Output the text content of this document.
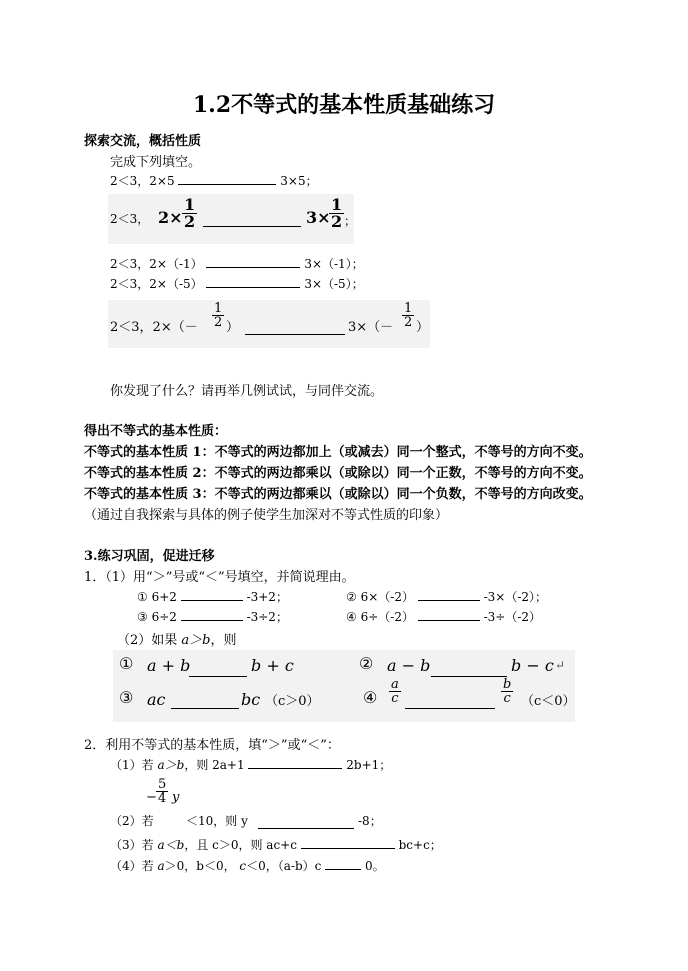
1.2不等式的基本性质基础练习
探索交流，概括性质
完成下列填空。
2＜3，2×5	3×5；
2＜3， $2\times \frac{1}{2}$	3×
$\frac{1}{2}$ ；
2＜3，2×（-1）	3×（-1）；
2＜3，2×（-5）	3×（-5）；
2＜3，$2\times(- \frac{1}{2}$ ）	$3\times(- \frac{1}{2}$ ）
你发现了什么？请再举几例试试，与同伴交流。
得出不等式的基本性质：
不等式的基本性质 1：不等式的两边都加上（或减去）同一个整式，不等号的方向不变。
不等式的基本性质 2：不等式的两边都乘以（或除以）同一个正数，不等号的方向不变。
不等式的基本性质 3：不等式的两边都乘以（或除以）同一个负数，不等号的方向改变。
（通过自我探索与具体的例子使学生加深对不等式性质的印象）
3.练习巩固，促进迁移
1．（1）用“＞”号或“＜”号填空，并简说理由。
① 6+2	-3+2；	② 6×（-2）	-3×（-2）；
③ 6÷2	-3÷2；	④ 6÷（-2）	-3÷（-2）
（2）如果 a＞b，则
① a + b	b + c	② a − b	b − c ↵
③ ac	bc （c＞0）	④ $\frac{a}{c}$	$\frac{b}{c} (c<0)$
2．利用不等式的基本性质，填“＞”或“＜”：
（1）若 a＞b，则 2a+1	2b+1；
（2）若
− $\frac{5}{4}$ y
＜10，则 y	-8；
（3）若 a＜b，且 c＞0，则 ac+c	bc+c；
（4）若 a＞0，b＜0， c＜0，（a-b）c	0。
